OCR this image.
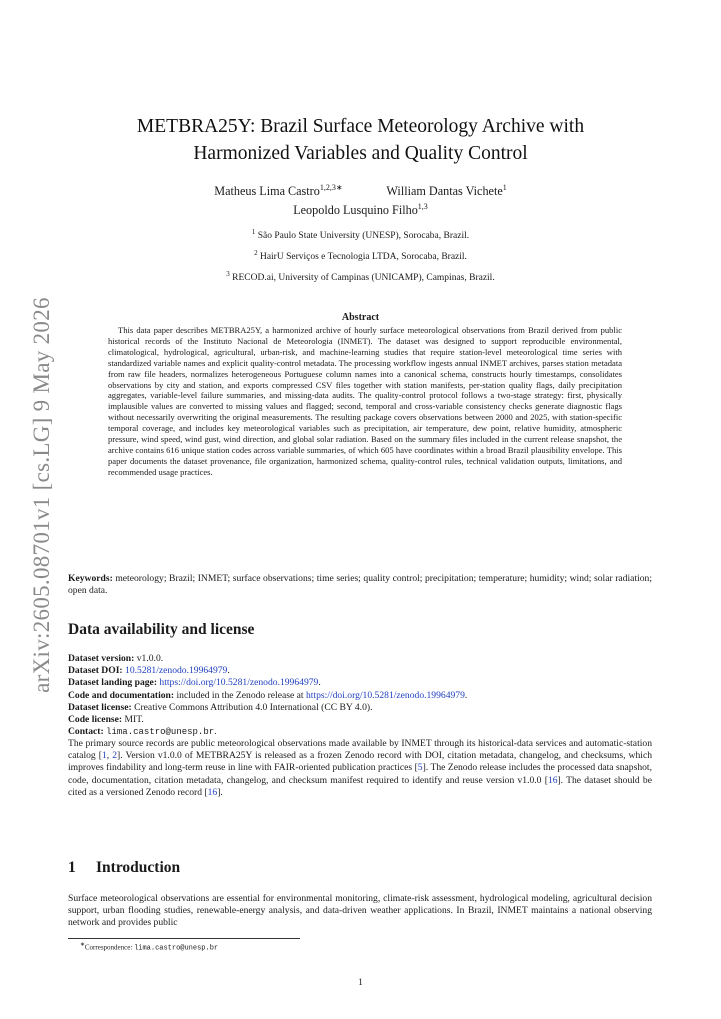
arXiv:2605.08701v1 [cs.LG] 9 May 2026
METBRA25Y: Brazil Surface Meteorology Archive with
Harmonized Variables and Quality Control
Matheus Lima Castro$^{1,2,3∗}$	William Dantas Vichete$^1$
Leopoldo Lusquino Filho$^{1,3}$
$^1$ São Paulo State University (UNESP), Sorocaba, Brazil.
$^2$ HairU Serviços e Tecnologia LTDA, Sorocaba, Brazil.
$^3$ RECOD.ai, University of Campinas (UNICAMP), Campinas, Brazil.
Abstract

This data paper describes METBRA25Y, a harmonized archive of hourly surface meteorological observations from Brazil derived from public historical records of the Instituto Nacional de Meteorologia (INMET). The dataset was designed to support reproducible environmental, climatological, hydrological, agricultural, urban-risk, and machine-learning studies that require station-level meteorological time series with standardized variable names and explicit quality-control metadata. The processing workflow ingests annual INMET archives, parses station metadata from raw file headers, normalizes heterogeneous Portuguese column names into a canonical schema, constructs hourly timestamps, consolidates observations by city and station, and exports compressed CSV files together with station manifests, per-station quality flags, daily precipitation aggregates, variable-level failure summaries, and missing-data audits. The quality-control protocol follows a two-stage strategy: first, physically implausible values are converted to missing values and flagged; second, temporal and cross-variable consistency checks generate diagnostic flags without necessarily overwriting the original measurements. The resulting package covers observations between 2000 and 2025, with station-specific temporal coverage, and includes key meteorological variables such as precipitation, air temperature, dew point, relative humidity, atmospheric pressure, wind speed, wind gust, wind direction, and global solar radiation. Based on the summary files included in the current release snapshot, the archive contains 616 unique station codes across variable summaries, of which 605 have coordinates within a broad Brazil plausibility envelope. This paper documents the dataset provenance, file organization, harmonized schema, quality-control rules, technical validation outputs, limitations, and recommended usage practices.

Keywords: meteorology; Brazil; INMET; surface observations; time series; quality control; precipitation; temperature; humidity; wind; solar radiation; open data.

Data availability and license
Dataset version: v1.0.0.
Dataset DOI: 10.5281/zenodo.19964979.
Dataset landing page: https://doi.org/10.5281/zenodo.19964979.
Code and documentation: included in the Zenodo release at https://doi.org/10.5281/zenodo.19964979.
Dataset license: Creative Commons Attribution 4.0 International (CC BY 4.0).
Code license: MIT.
Contact: lima.castro@unesp.br.

The primary source records are public meteorological observations made available by INMET through its historical-data services and automatic-station catalog [1, 2]. Version v1.0.0 of METBRA25Y is released as a frozen Zenodo record with DOI, citation metadata, changelog, and checksums, which improves findability and long-term reuse in line with FAIR-oriented publication practices [5]. The Zenodo release includes the processed data snapshot, code, documentation, citation metadata, changelog, and checksum manifest required to identify and reuse version v1.0.0 [16]. The dataset should be cited as a versioned Zenodo record [16].

1 Introduction

Surface meteorological observations are essential for environmental monitoring, climate-risk assessment, hydrological modeling, agricultural decision support, urban flooding studies, renewable-energy analysis, and data-driven weather applications. In Brazil, INMET maintains a national observing network and provides public

∗Correspondence: lima.castro@unesp.br
1
